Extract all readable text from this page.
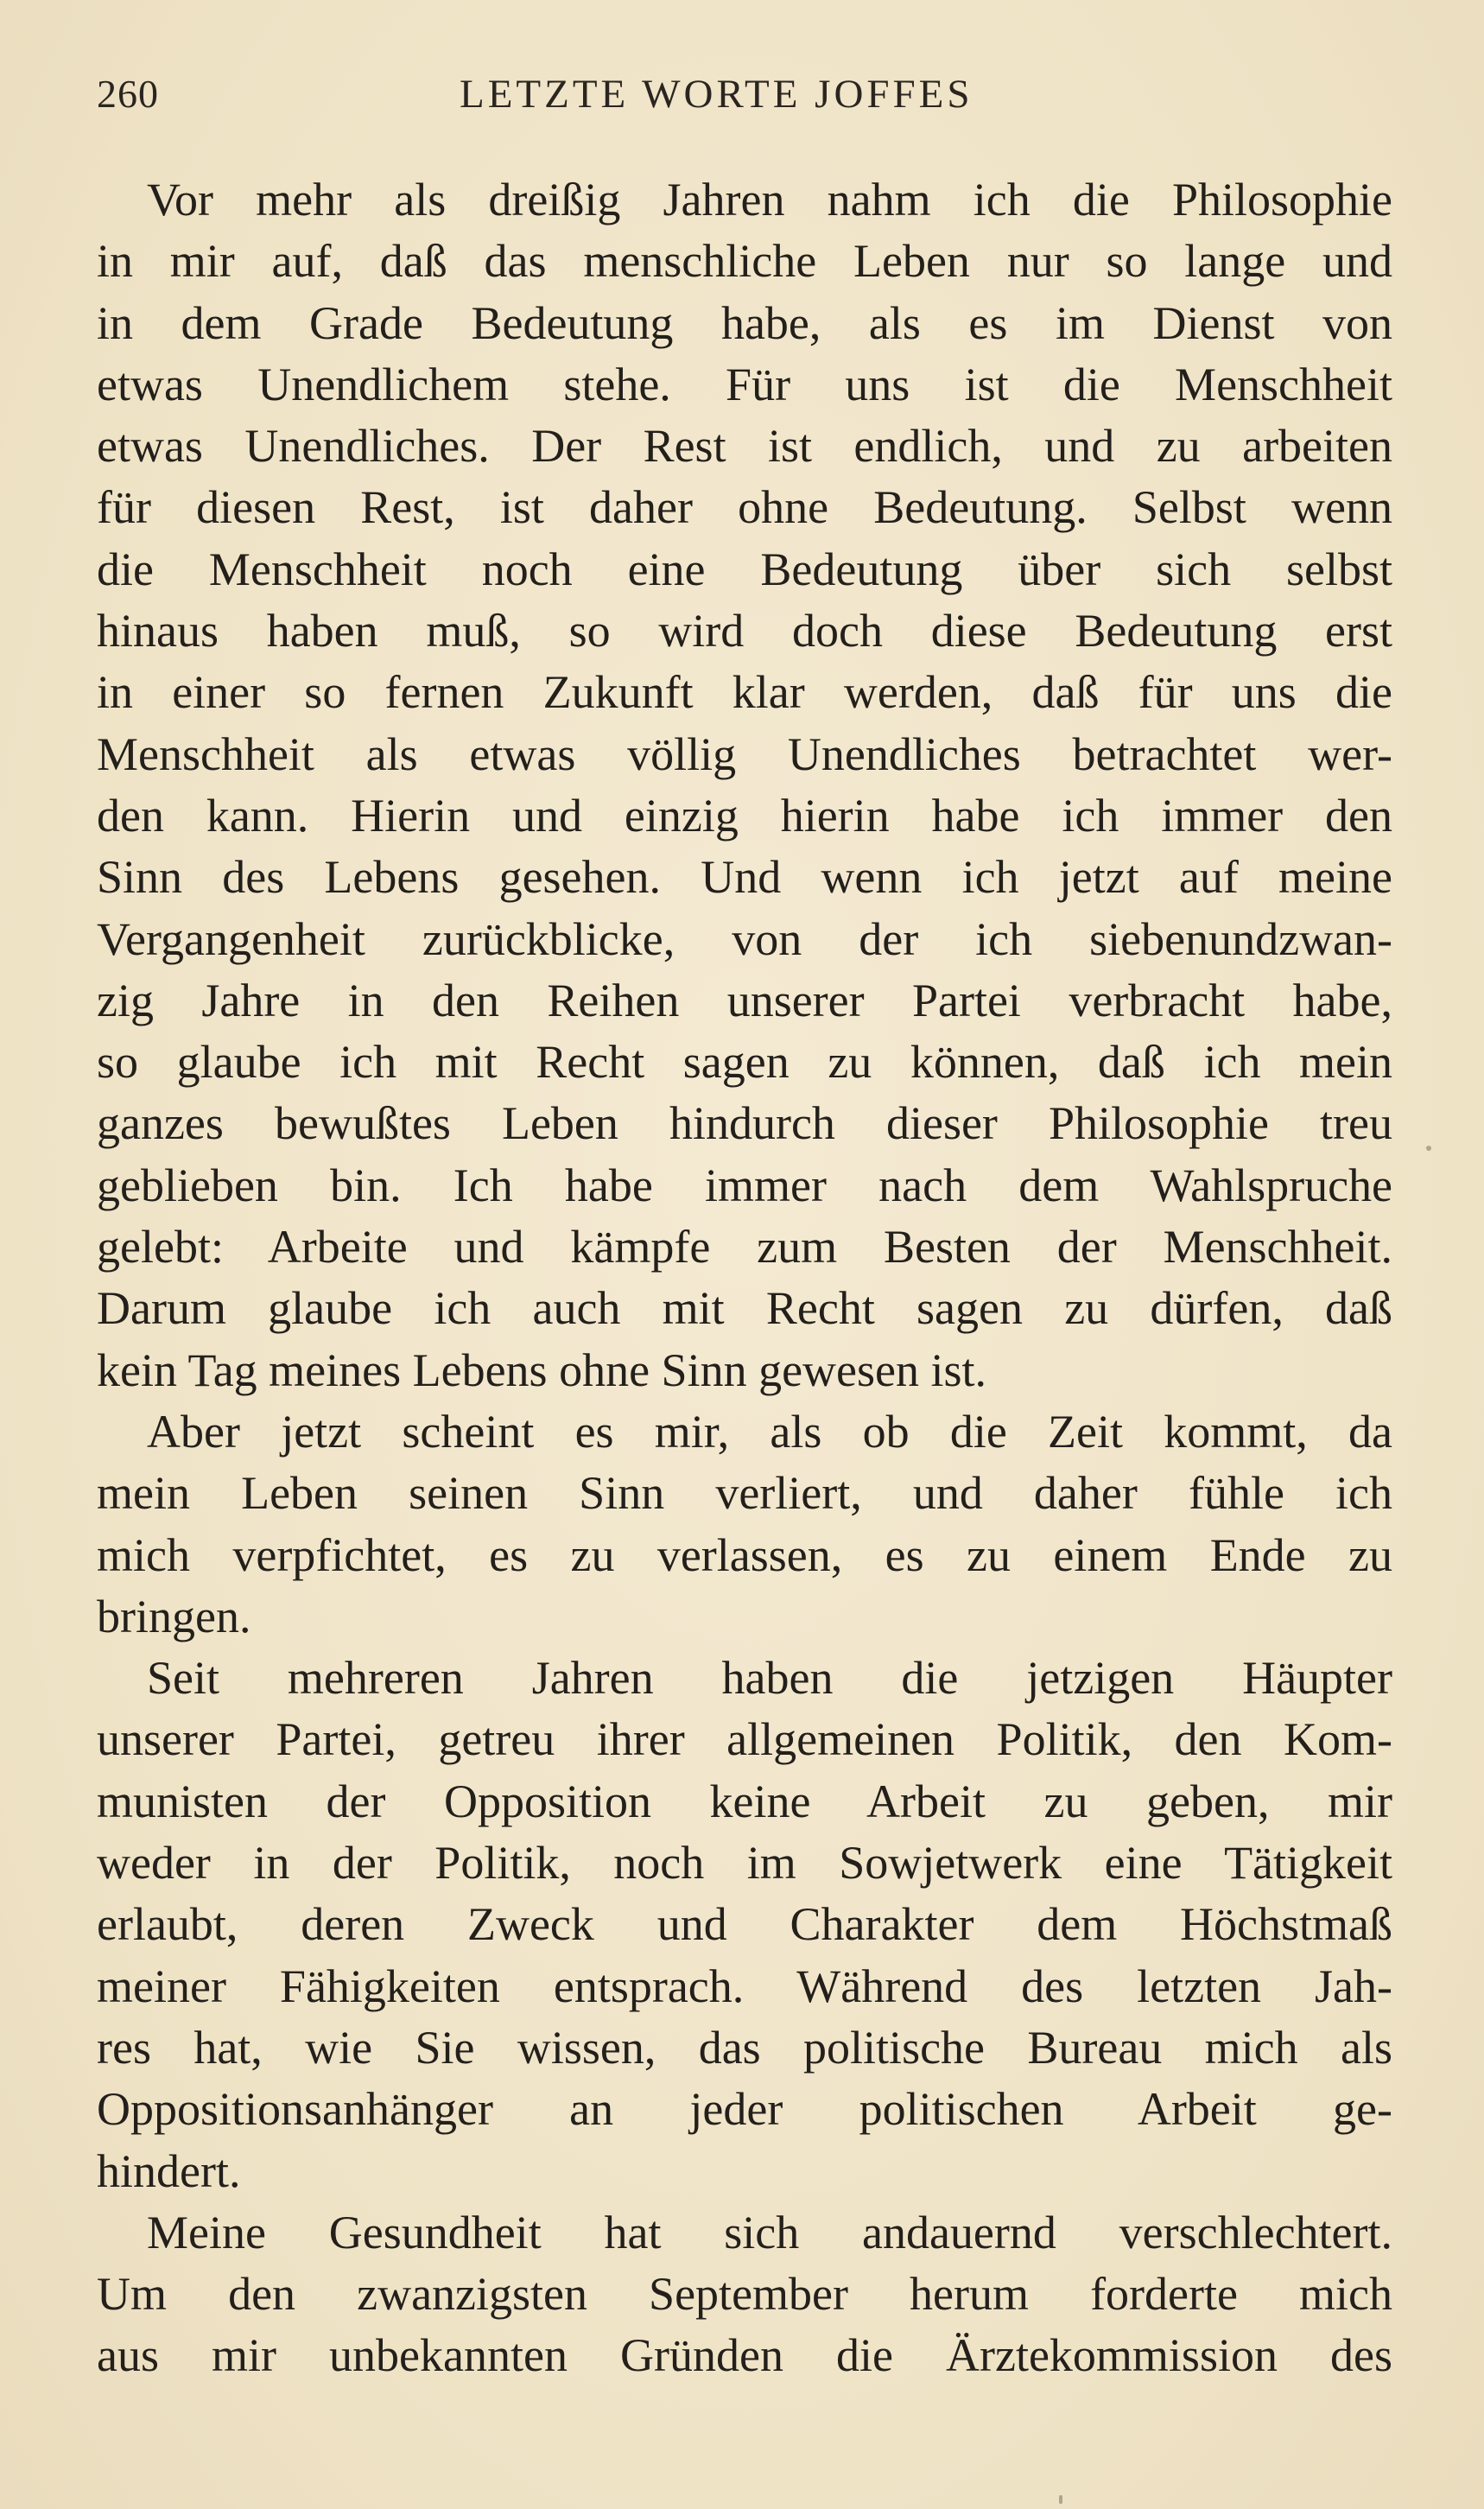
260	LETZTE WORTE JOFFES
Vor mehr als dreißig Jahren nahm ich die Philosophie
in mir auf, daß das menschliche Leben nur so lange und
in dem Grade Bedeutung habe, als es im Dienst von
etwas Unendlichem stehe. Für uns ist die Menschheit
etwas Unendliches. Der Rest ist endlich, und zu arbeiten
für diesen Rest, ist daher ohne Bedeutung. Selbst wenn
die Menschheit noch eine Bedeutung über sich selbst
hinaus haben muß, so wird doch diese Bedeutung erst
in einer so fernen Zukunft klar werden, daß für uns die
Menschheit als etwas völlig Unendliches betrachtet wer-
den kann. Hierin und einzig hierin habe ich immer den
Sinn des Lebens gesehen. Und wenn ich jetzt auf meine
Vergangenheit zurückblicke, von der ich siebenundzwan-
zig Jahre in den Reihen unserer Partei verbracht habe,
so glaube ich mit Recht sagen zu können, daß ich mein
ganzes bewußtes Leben hindurch dieser Philosophie treu
geblieben bin. Ich habe immer nach dem Wahlspruche
gelebt: Arbeite und kämpfe zum Besten der Menschheit.
Darum glaube ich auch mit Recht sagen zu dürfen, daß
kein Tag meines Lebens ohne Sinn gewesen ist.
Aber jetzt scheint es mir, als ob die Zeit kommt, da
mein Leben seinen Sinn verliert, und daher fühle ich
mich verpfichtet, es zu verlassen, es zu einem Ende zu
bringen.
Seit mehreren Jahren haben die jetzigen Häupter
unserer Partei, getreu ihrer allgemeinen Politik, den Kom-
munisten der Opposition keine Arbeit zu geben, mir
weder in der Politik, noch im Sowjetwerk eine Tätigkeit
erlaubt, deren Zweck und Charakter dem Höchstmaß
meiner Fähigkeiten entsprach. Während des letzten Jah-
res hat, wie Sie wissen, das politische Bureau mich als
Oppositionsanhänger an jeder politischen Arbeit ge-
hindert.
Meine Gesundheit hat sich andauernd verschlechtert.
Um den zwanzigsten September herum forderte mich
aus mir unbekannten Gründen die Ärztekommission des
